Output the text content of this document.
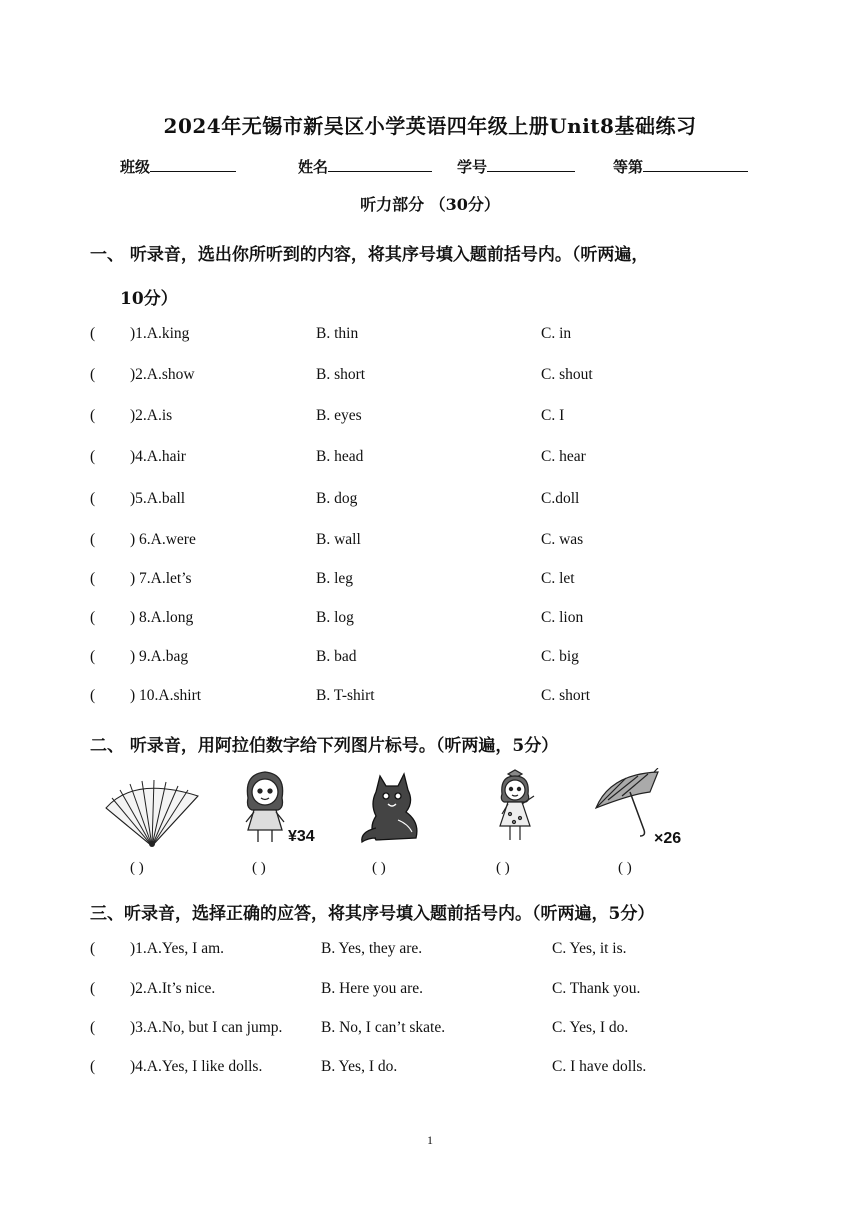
2024年无锡市新吴区小学英语四年级上册Unit8基础练习
班级	姓名	学号	等第
听力部分 （30分）
一、 听录音，选出你所听到的内容，将其序号填入题前括号内。（听两遍，
10分）
( )1.A.king	B. thin	C. in
( )2.A.show	B. short	C. shout
( )2.A.is	B. eyes	C. I
( )4.A.hair	B. head	C. hear
( )5.A.ball	B. dog	C.doll
( ) 6.A.were	B. wall	C. was
( ) 7.A.let’s	B. leg	C. let
( ) 8.A.long	B. log	C. lion
( ) 9.A.bag	B. bad	C. big
( ) 10.A.shirt	B. T-shirt	C. short
二、 听录音，用阿拉伯数字给下列图片标号。（听两遍，5分）
( )
¥34
( )	( )	( )
×26
( )
三、听录音，选择正确的应答，将其序号填入题前括号内。（听两遍，5分）
( )1.A.Yes, I am.	B. Yes, they are.	C. Yes, it is.
( )2.A.It’s nice.	B. Here you are.	C. Thank you.
( )3.A.No, but I can jump. B. No, I can’t skate.	C. Yes, I do.
( )4.A.Yes, I like dolls.	B. Yes, I do.	C. I have dolls.
1
